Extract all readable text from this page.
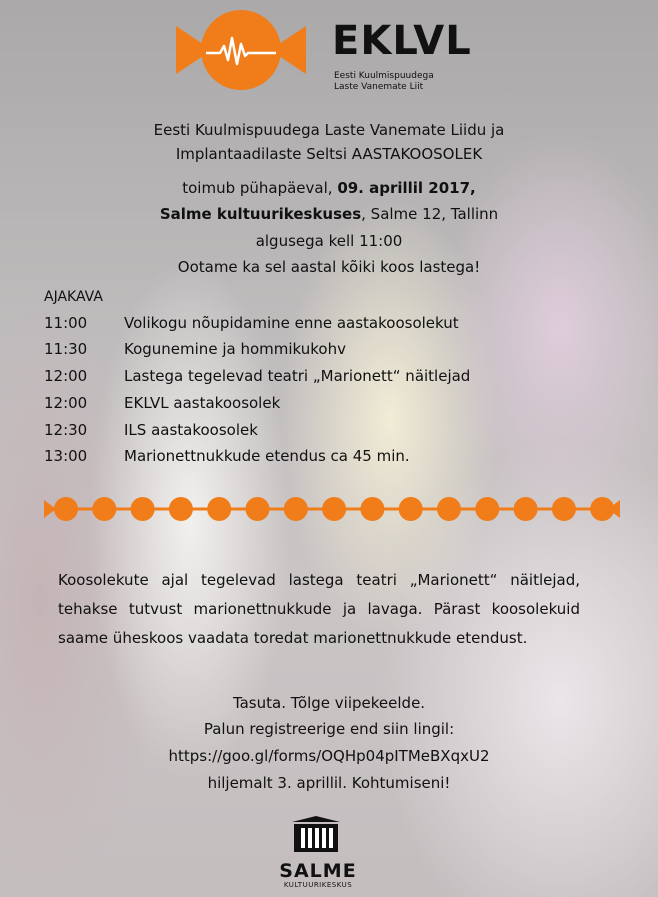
EKLVL
Eesti Kuulmispuudega
Laste Vanemate Liit
Eesti Kuulmispuudega Laste Vanemate Liidu ja
Implantaadilaste Seltsi AASTAKOOSOLEK
toimub pühapäeval, 09. aprillil 2017,
Salme kultuurikeskuses, Salme 12, Tallinn
algusega kell 11:00
Ootame ka sel aastal kõiki koos lastega!
AJAKAVA
11:00 Volikogu nõupidamine enne aastakoosolekut
11:30 Kogunemine ja hommikukohv
12:00 Lastega tegelevad teatri „Marionett“ näitlejad
12:00 EKLVL aastakoosolek
12:30 ILS aastakoosolek
13:00 Marionettnukkude etendus ca 45 min.
Koosolekute ajal tegelevad lastega teatri „Marionett“ näitlejad, tehakse tutvust marionettnukkude ja lavaga. Pärast koosolekuid saame üheskoos vaadata toredat marionettnukkude etendust.
Tasuta. Tõlge viipekeelde.
Palun registreerige end siin lingil:
https://goo.gl/forms/OQHp04pITMeBXqxU2
hiljemalt 3. aprillil. Kohtumiseni!
SALME
KULTUURIKESKUS
